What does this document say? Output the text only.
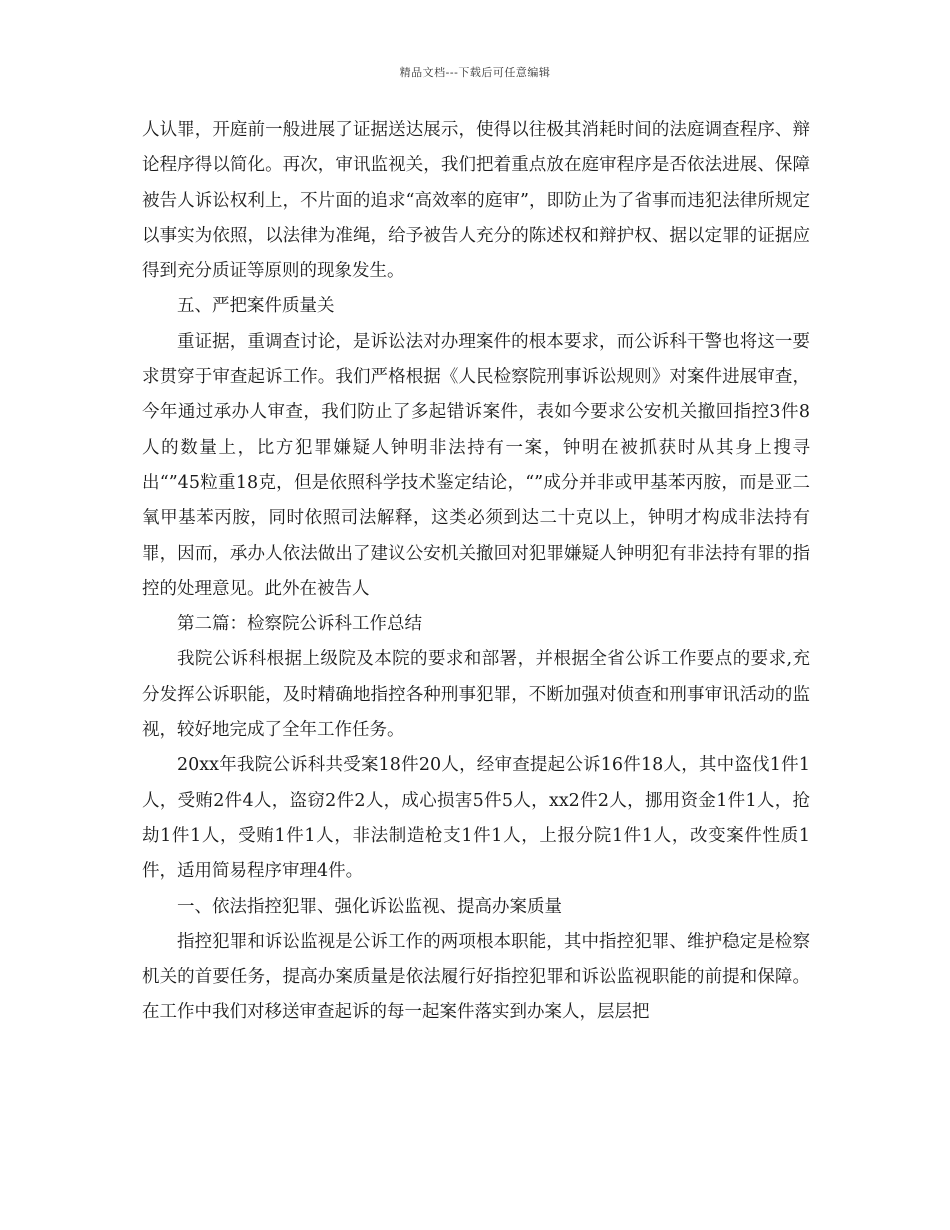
精品文档---下载后可任意编辑

人认罪，开庭前一般进展了证据送达展示，使得以往极其消耗时间的法庭调查程序、辩论程序得以简化。再次，审讯监视关，我们把着重点放在庭审程序是否依法进展、保障被告人诉讼权利上，不片面的追求“高效率的庭审”，即防止为了省事而违犯法律所规定以事实为依照，以法律为准绳，给予被告人充分的陈述权和辩护权、据以定罪的证据应得到充分质证等原则的现象发生。

五、严把案件质量关

重证据，重调查讨论，是诉讼法对办理案件的根本要求，而公诉科干警也将这一要求贯穿于审查起诉工作。我们严格根据《人民检察院刑事诉讼规则》对案件进展审查，今年通过承办人审查，我们防止了多起错诉案件，表如今要求公安机关撤回指控3件8人的数量上，比方犯罪嫌疑人钟明非法持有一案，钟明在被抓获时从其身上搜寻出“”45粒重18克，但是依照科学技术鉴定结论，“”成分并非或甲基苯丙胺，而是亚二氧甲基苯丙胺，同时依照司法解释，这类必须到达二十克以上，钟明才构成非法持有罪，因而，承办人依法做出了建议公安机关撤回对犯罪嫌疑人钟明犯有非法持有罪的指控的处理意见。此外在被告人

第二篇：检察院公诉科工作总结

我院公诉科根据上级院及本院的要求和部署，并根据全省公诉工作要点的要求,充分发挥公诉职能，及时精确地指控各种刑事犯罪，不断加强对侦查和刑事审讯活动的监视，较好地完成了全年工作任务。

20xx年我院公诉科共受案18件20人，经审查提起公诉16件18人，其中盗伐1件1人，受贿2件4人，盗窃2件2人，成心损害5件5人，xx2件2人，挪用资金1件1人，抢劫1件1人，受贿1件1人，非法制造枪支1件1人，上报分院1件1人，改变案件性质1件，适用简易程序审理4件。

一、依法指控犯罪、强化诉讼监视、提高办案质量

指控犯罪和诉讼监视是公诉工作的两项根本职能，其中指控犯罪、维护稳定是检察机关的首要任务，提高办案质量是依法履行好指控犯罪和诉讼监视职能的前提和保障。在工作中我们对移送审查起诉的每一起案件落实到办案人，层层把
